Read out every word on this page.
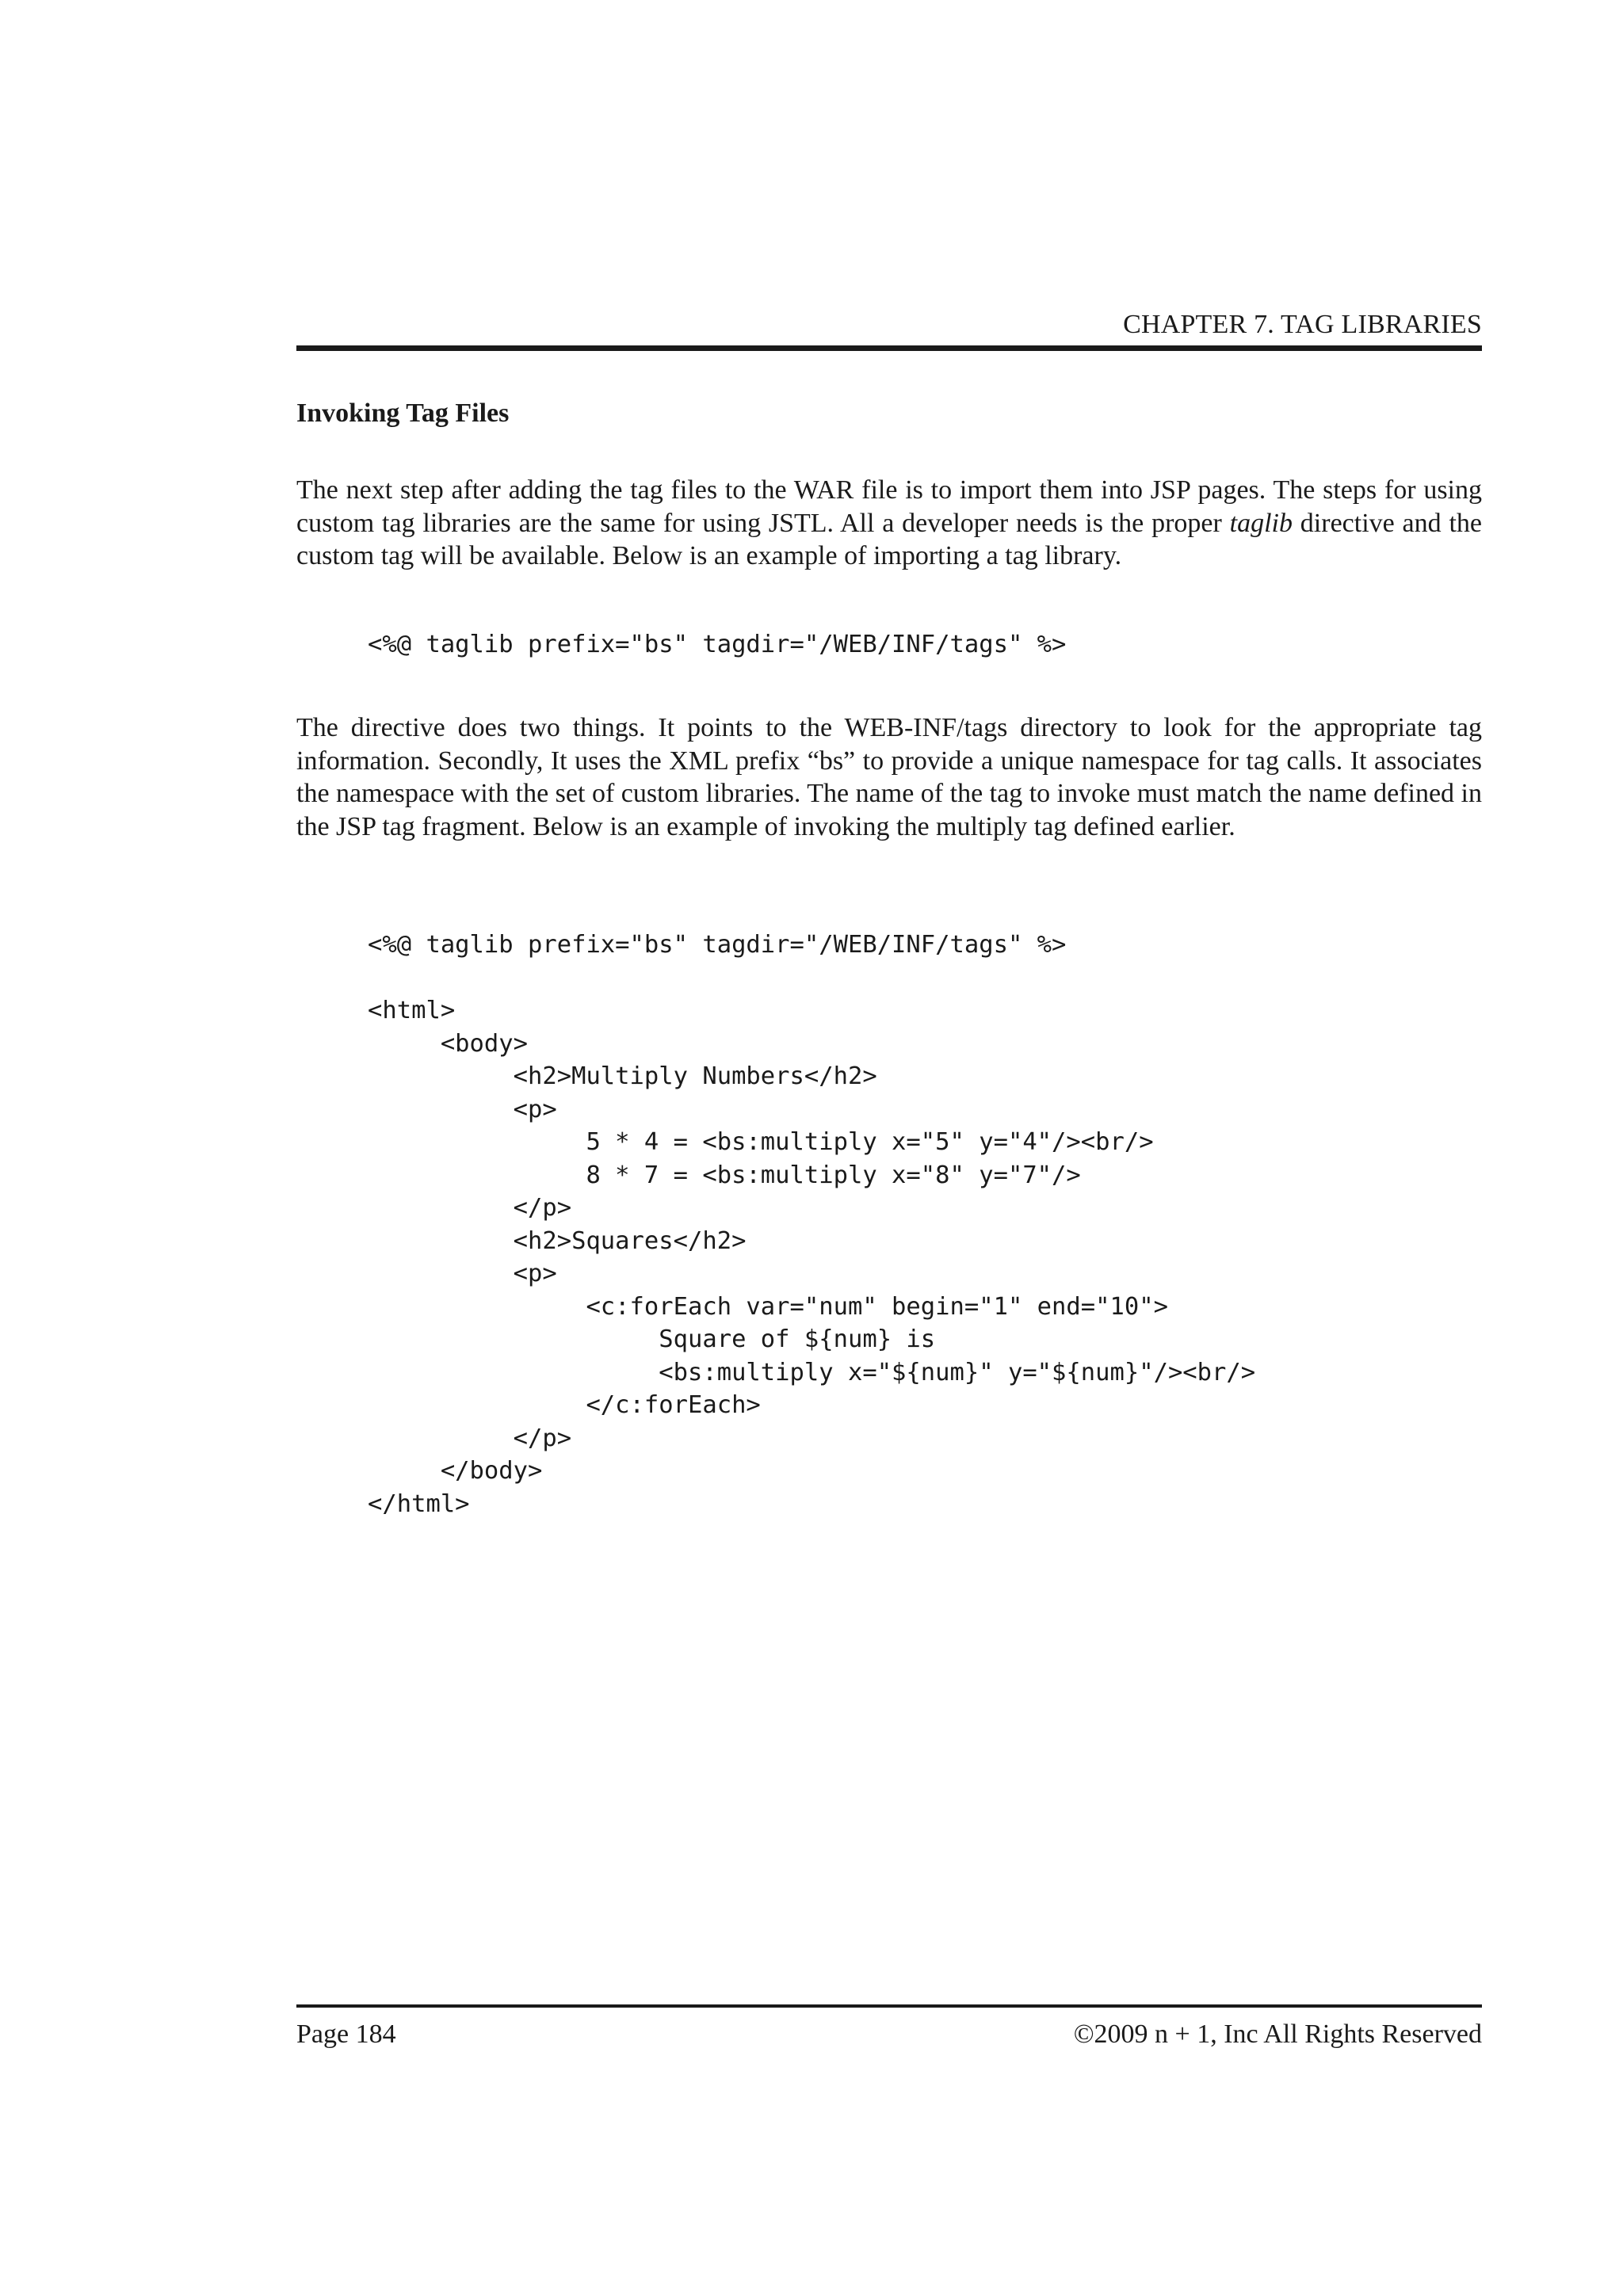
CHAPTER 7. TAG LIBRARIES
Invoking Tag Files

The next step after adding the tag files to the WAR file is to import them into JSP pages. The steps for using custom tag libraries are the same for using JSTL. All a developer needs is the proper taglib directive and the custom tag will be available. Below is an example of importing a tag library.

<%@ taglib prefix="bs" tagdir="/WEB/INF/tags" %>

The directive does two things. It points to the WEB-INF/tags directory to look for the appropriate tag information. Secondly, It uses the XML prefix “bs” to provide a unique namespace for tag calls. It associates the namespace with the set of custom libraries. The name of the tag to invoke must match the name defined in the JSP tag fragment. Below is an example of invoking the multiply tag defined earlier.

<%@ taglib prefix="bs" tagdir="/WEB/INF/tags" %>
<html>
<body>
<h2>Multiply Numbers</h2>
<p>
5 * 4 = <bs:multiply x="5" y="4"/><br/>
8 * 7 = <bs:multiply x="8" y="7"/>
</p>
<h2>Squares</h2>
<p>
<c:forEach var="num" begin="1" end="10">
Square of ${num} is
<bs:multiply x="${num}" y="${num}"/><br/>
</c:forEach>
</p>
</body>
</html>
Page 184	©2009 n + 1, Inc All Rights Reserved
